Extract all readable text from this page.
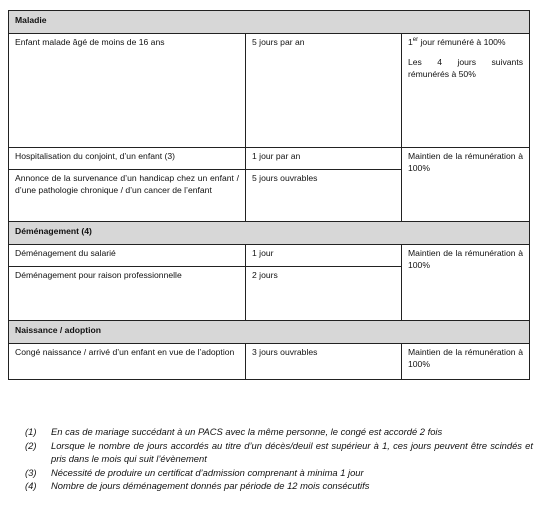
Maladie		
Enfant malade âgé de moins de 16 ans	5 jours par an	1er jour rémunéré à 100%
Les 4 jours suivants rémunérés à 50%

Hospitalisation du conjoint, d’un enfant (3)	1 jour par an	Maintien de la rémunération à 100%

Annonce de la survenance d’un handicap chez un enfant / d’une pathologie chronique / d’un cancer de l’enfant	5 jours ouvrables	
Déménagement (4)		
Déménagement du salarié	1 jour	Maintien de la rémunération à 100%

Déménagement pour raison professionnelle	2 jours	
Naissance / adoption		
Congé naissance / arrivé d’un enfant en vue de l’adoption	3 jours ouvrables	Maintien de la rémunération à 100%
(1) En cas de mariage succédant à un PACS avec la même personne, le congé est accordé 2 fois
(2) Lorsque le nombre de jours accordés au titre d’un décès/deuil est supérieur à 1, ces jours peuvent être scindés et pris dans le mois qui suit l’évènement
(3) Nécessité de produire un certificat d’admission comprenant à minima 1 jour
(4) Nombre de jours déménagement donnés par période de 12 mois consécutifs
